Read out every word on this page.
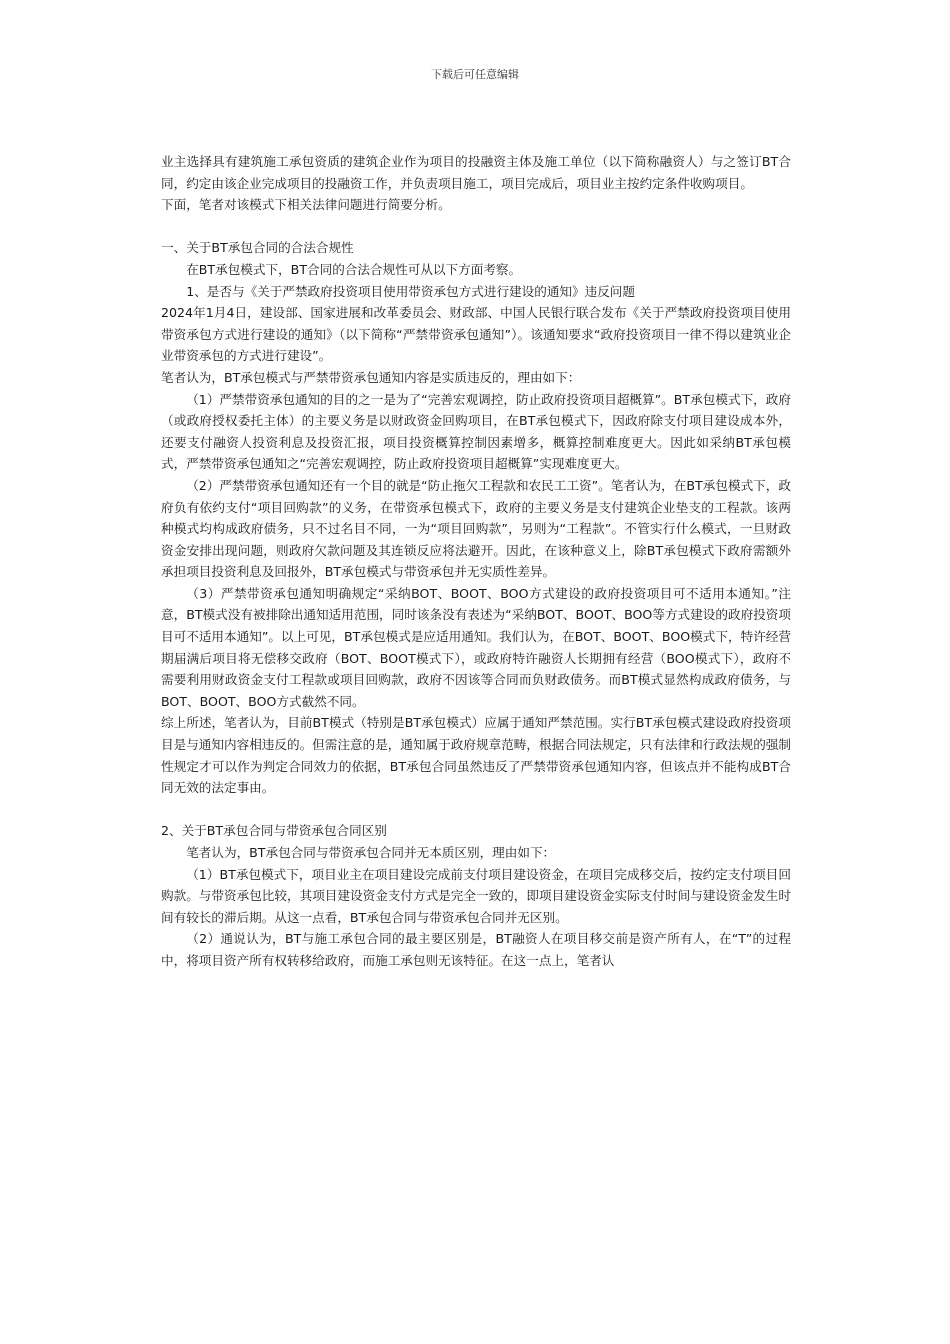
下载后可任意编辑

业主选择具有建筑施工承包资质的建筑企业作为项目的投融资主体及施工单位（以下简称融资人）与之签订BT合同，约定由该企业完成项目的投融资工作，并负责项目施工，项目完成后，项目业主按约定条件收购项目。

下面，笔者对该模式下相关法律问题进行简要分析。

一、关于BT承包合同的合法合规性

在BT承包模式下，BT合同的合法合规性可从以下方面考察。

1、是否与《关于严禁政府投资项目使用带资承包方式进行建设的通知》违反问题

2024年1月4日，建设部、国家进展和改革委员会、财政部、中国人民银行联合发布《关于严禁政府投资项目使用带资承包方式进行建设的通知》（以下简称“严禁带资承包通知”）。该通知要求“政府投资项目一律不得以建筑业企业带资承包的方式进行建设”。

笔者认为，BT承包模式与严禁带资承包通知内容是实质违反的，理由如下：

（1）严禁带资承包通知的目的之一是为了“完善宏观调控，防止政府投资项目超概算”。BT承包模式下，政府（或政府授权委托主体）的主要义务是以财政资金回购项目，在BT承包模式下，因政府除支付项目建设成本外，还要支付融资人投资利息及投资汇报，项目投资概算控制因素增多，概算控制难度更大。因此如采纳BT承包模式，严禁带资承包通知之“完善宏观调控，防止政府投资项目超概算”实现难度更大。

（2）严禁带资承包通知还有一个目的就是“防止拖欠工程款和农民工工资”。笔者认为，在BT承包模式下，政府负有依约支付“项目回购款”的义务，在带资承包模式下，政府的主要义务是支付建筑企业垫支的工程款。该两种模式均构成政府债务，只不过名目不同，一为“项目回购款”，另则为“工程款”。不管实行什么模式，一旦财政资金安排出现问题，则政府欠款问题及其连锁反应将法避开。因此，在该种意义上，除BT承包模式下政府需额外承担项目投资利息及回报外，BT承包模式与带资承包并无实质性差异。

（3）严禁带资承包通知明确规定“采纳BOT、BOOT、BOO方式建设的政府投资项目可不适用本通知。”注意，BT模式没有被排除出通知适用范围，同时该条没有表述为“采纳BOT、BOOT、BOO等方式建设的政府投资项目可不适用本通知”。以上可见，BT承包模式是应适用通知。我们认为，在BOT、BOOT、BOO模式下，特许经营期届满后项目将无偿移交政府（BOT、BOOT模式下），或政府特许融资人长期拥有经营（BOO模式下），政府不需要利用财政资金支付工程款或项目回购款，政府不因该等合同而负财政债务。而BT模式显然构成政府债务，与BOT、BOOT、BOO方式截然不同。

综上所述，笔者认为，目前BT模式（特别是BT承包模式）应属于通知严禁范围。实行BT承包模式建设政府投资项目是与通知内容相违反的。但需注意的是，通知属于政府规章范畴，根据合同法规定，只有法律和行政法规的强制性规定才可以作为判定合同效力的依据，BT承包合同虽然违反了严禁带资承包通知内容，但该点并不能构成BT合同无效的法定事由。

2、关于BT承包合同与带资承包合同区别

笔者认为，BT承包合同与带资承包合同并无本质区别，理由如下：

（1）BT承包模式下，项目业主在项目建设完成前支付项目建设资金，在项目完成移交后，按约定支付项目回购款。与带资承包比较，其项目建设资金支付方式是完全一致的，即项目建设资金实际支付时间与建设资金发生时间有较长的滞后期。从这一点看，BT承包合同与带资承包合同并无区别。

（2）通说认为，BT与施工承包合同的最主要区别是，BT融资人在项目移交前是资产所有人，在“T”的过程中，将项目资产所有权转移给政府，而施工承包则无该特征。在这一点上，笔者认
